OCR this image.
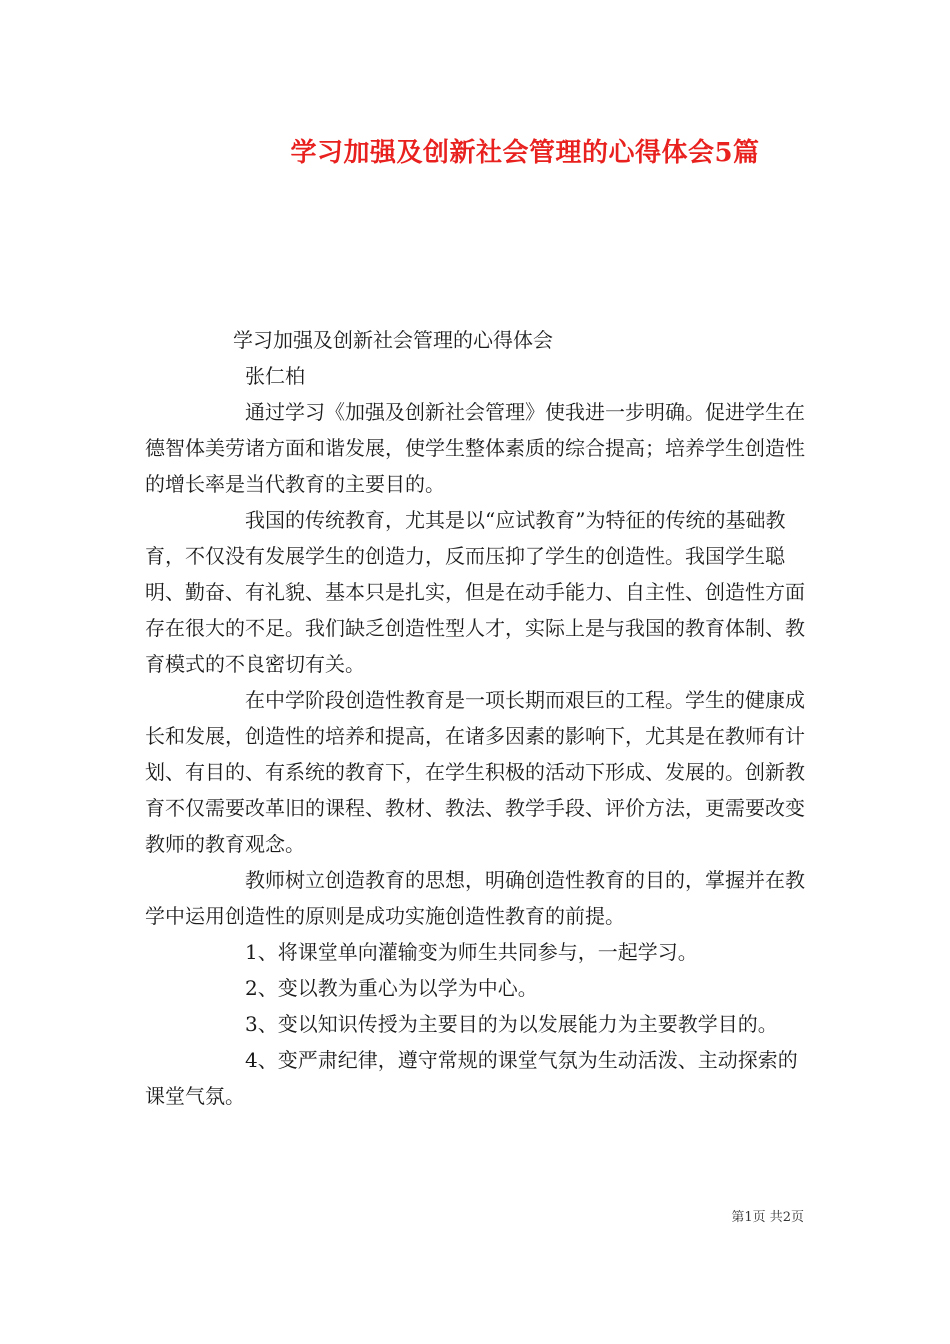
学习加强及创新社会管理的心得体会5篇

学习加强及创新社会管理的心得体会

张仁柏

通过学习《加强及创新社会管理》使我进一步明确。促进学生在德智体美劳诸方面和谐发展，使学生整体素质的综合提高；培养学生创造性的增长率是当代教育的主要目的。

我国的传统教育，尤其是以“应试教育”为特征的传统的基础教育，不仅没有发展学生的创造力，反而压抑了学生的创造性。我国学生聪明、勤奋、有礼貌、基本只是扎实，但是在动手能力、自主性、创造性方面存在很大的不足。我们缺乏创造性型人才，实际上是与我国的教育体制、教育模式的不良密切有关。

在中学阶段创造性教育是一项长期而艰巨的工程。学生的健康成长和发展，创造性的培养和提高，在诸多因素的影响下，尤其是在教师有计划、有目的、有系统的教育下，在学生积极的活动下形成、发展的。创新教育不仅需要改革旧的课程、教材、教法、教学手段、评价方法，更需要改变教师的教育观念。

教师树立创造教育的思想，明确创造性教育的目的，掌握并在教学中运用创造性的原则是成功实施创造性教育的前提。

1、将课堂单向灌输变为师生共同参与，一起学习。

2、变以教为重心为以学为中心。

3、变以知识传授为主要目的为以发展能力为主要教学目的。

4、变严肃纪律，遵守常规的课堂气氛为生动活泼、主动探索的课堂气氛。

第1页 共2页
